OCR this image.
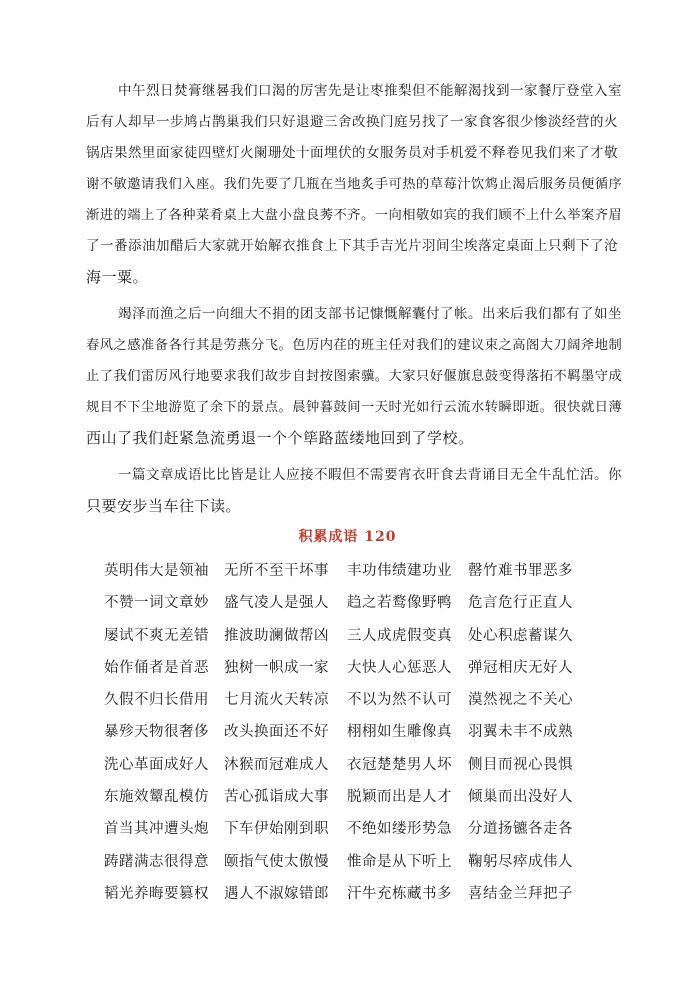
中午烈日焚膏继晷我们口渴的厉害先是让枣推梨但不能解渴找到一家餐厅登堂入室
后有人却早一步鸠占鹊巢我们只好退避三舍改换门庭另找了一家食客很少惨淡经营的火
锅店果然里面家徒四壁灯火阑珊处十面埋伏的女服务员对手机爱不释卷见我们来了才敬
谢不敏邀请我们入座。我们先要了几瓶在当地炙手可热的草莓汁饮鸩止渴后服务员便循序
渐进的端上了各种菜肴桌上大盘小盘良莠不齐。一向相敬如宾的我们顾不上什么举案齐眉
了一番添油加醋后大家就开始解衣推食上下其手吉光片羽间尘埃落定桌面上只剩下了沧
海一粟。
竭泽而渔之后一向细大不捐的团支部书记慷慨解囊付了帐。出来后我们都有了如坐
春风之感准备各行其是劳燕分飞。色厉内荏的班主任对我们的建议束之高阁大刀阔斧地制
止了我们雷厉风行地要求我们故步自封按图索骥。大家只好偃旗息鼓变得落拓不羁墨守成
规目不下尘地游览了余下的景点。晨钟暮鼓间一天时光如行云流水转瞬即逝。很快就日薄
西山了我们赶紧急流勇退一个个筚路蓝缕地回到了学校。
一篇文章成语比比皆是让人应接不暇但不需要宵衣旰食去背诵目无全牛乱忙活。你
只要安步当车往下读。
积累成语 120
英明伟大是领袖	无所不至干坏事	丰功伟绩建功业	罄竹难书罪恶多
不赞一词文章妙	盛气凌人是强人	趋之若鹜像野鸭	危言危行正直人
屡试不爽无差错	推波助澜做帮凶	三人成虎假变真	处心积虑蓄谋久
始作俑者是首恶	独树一帜成一家	大快人心惩恶人	弹冠相庆无好人
久假不归长借用	七月流火天转凉	不以为然不认可	漠然视之不关心
暴殄天物很奢侈	改头换面还不好	栩栩如生雕像真	羽翼未丰不成熟
洗心革面成好人	沐猴而冠难成人	衣冠楚楚男人坏	侧目而视心畏惧
东施效颦乱模仿	苦心孤诣成大事	脱颖而出是人才	倾巢而出没好人
首当其冲遭头炮	下车伊始刚到职	不绝如缕形势急	分道扬镳各走各
踌躇满志很得意	颐指气使太傲慢	惟命是从下听上	鞠躬尽瘁成伟人
韬光养晦要篡权	遇人不淑嫁错郎	汗牛充栋藏书多	喜结金兰拜把子
